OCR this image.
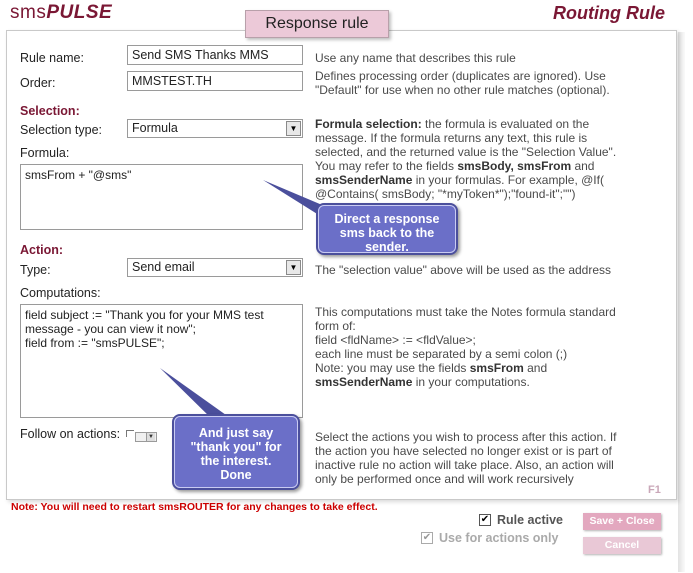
smsPULSE	Routing Rule
Response rule
Rule name:	Send SMS Thanks MMS	Use any name that describes this rule
Order:	MMSTEST.TH	Defines processing order (duplicates are ignored). Use
"Default" for use when no other rule matches (optional).
Selection:
Selection type:	Formula	▼
Formula:
smsFrom + "@sms"
Formula selection: the formula is evaluated on the
message. If the formula returns any text, this rule is
selected, and the returned value is the "Selection Value".
You may refer to the fields smsBody, smsFrom and
smsSenderName in your formulas. For example, @If(
@Contains( smsBody; "*myToken*");"found-it";"")
Action:
Type:	Send email	▼ The "selection value" above will be used as the address
Computations:
field subject := "Thank you for your MMS test
message - you can view it now";
field from := "smsPULSE";
This computations must take the Notes formula standard
form of:
field <fldName> := <fldValue>;
each line must be separated by a semi colon (;)
Note: you may use the fields smsFrom and
smsSenderName in your computations.
Follow on actions:	▼	Select the actions you wish to process after this action. If
the action you have selected no longer exist or is part of
inactive rule no action will take place. Also, an action will
only be performed once and will work recursively
F1
Direct a response
sms back to the
sender.
And just say
"thank you" for
the interest.
Done
Note: You will need to restart smsROUTER for any changes to take effect.
✔ Rule active
✔ Use for actions only
Save + Close
Cancel
